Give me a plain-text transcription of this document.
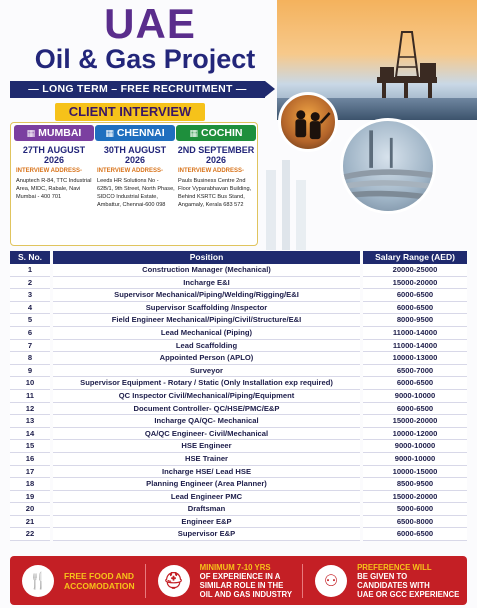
UAE
Oil & Gas Project
— LONG TERM – FREE RECRUITMENT —
CLIENT INTERVIEW
▦ MUMBAI
27TH AUGUST
2026
INTERVIEW ADDRESS-
Anuptech R-84, TTC Industrial Area, MIDC, Rabale, Navi Mumbai - 400 701
▦ CHENNAI
30TH AUGUST
2026
INTERVIEW ADDRESS-
Leeds HR Solutions No - 62B/1, 9th Street, North Phase, SIDCO Industrial Estate, Ambattur, Chennai-600 098
▦ COCHIN
2ND SEPTEMBER
2026
INTERVIEW ADDRESS-
Pauls Business Centre 2nd Floor Vyparabhavan Building, Behind KSRTC Bus Stand, Angamaly, Kerala 683 572
S. No.	Position	Salary Range (AED)
1	Construction Manager (Mechanical)	20000-25000
2	Incharge E&I	15000-20000
3	Supervisor Mechanical/Piping/Welding/Rigging/E&I	6000-6500
4	Supervisor Scaffolding /Inspector	6000-6500
5	Field Engineer Mechanical/Piping/Civil/Structure/E&I	8000-9500
6	Lead Mechanical (Piping)	11000-14000
7	Lead Scaffolding	11000-14000
8	Appointed Person (APLO)	10000-13000
9	Surveyor	6500-7000
10	Supervisor Equipment - Rotary / Static (Only Installation exp required)	6000-6500
11	QC Inspector Civil/Mechanical/Piping/Equipment	9000-10000
12	Document Controller- QC/HSE/PMC/E&P	6000-6500
13	Incharge QA/QC- Mechanical	15000-20000
14	QA/QC Engineer- Civil/Mechanical	10000-12000
15	HSE Engineer	9000-10000
16	HSE Trainer	9000-10000
17	Incharge HSE/ Lead HSE	10000-15000
18	Planning Engineer (Area Planner)	8500-9500
19	Lead Engineer PMC	15000-20000
20	Draftsman	5000-6000
21	Engineer E&P	6500-8000
22	Supervisor E&P	6000-6500
🍴	FREE FOOD AND
ACCOMODATION	⛑
MINIMUM 7-10 YRS
OF EXPERIENCE IN A
SIMILAR ROLE IN THE
OIL AND GAS INDUSTRY
⚇
PREFERENCE WILL
BE GIVEN TO
CANDIDATES WITH
UAE OR GCC EXPERIENCE
